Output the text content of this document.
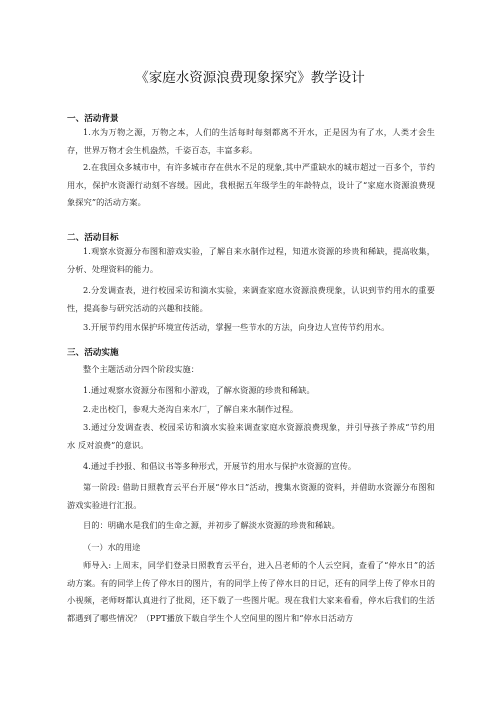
《家庭水资源浪费现象探究》教学设计
一、活动背景
1.水为万物之源，万物之本，人们的生活每时每刻都离不开水，正是因为有了水，人类才会生存，世界万物才会生机盎然，千姿百态，丰富多彩。
2.在我国众多城市中，有许多城市存在供水不足的现象,其中严重缺水的城市超过一百多个，节约用水，保护水资源行动刻不容缓。因此，我根据五年级学生的年龄特点，设计了“家庭水资源浪费现象探究”的活动方案。
二、活动目标
1.观察水资源分布图和游戏实验，了解自来水制作过程，知道水资源的珍贵和稀缺，提高收集，分析、处理资料的能力。
2.分发调查表，进行校园采访和滴水实验，来调查家庭水资源浪费现象，认识到节约用水的重要性，提高参与研究活动的兴趣和技能。
3.开展节约用水保护环境宣传活动，掌握一些节水的方法，向身边人宣传节约用水。
三、活动实施
整个主题活动分四个阶段实施：
1.通过观察水资源分布图和小游戏，了解水资源的珍贵和稀缺。
2.走出校门，参观大尧沟自来水厂，了解自来水制作过程。
3.通过分发调查表、校园采访和滴水实验来调查家庭水资源浪费现象，并引导孩子养成“节约用水 反对浪费”的意识。
4.通过手抄报、和倡议书等多种形式，开展节约用水与保护水资源的宣传。
第一阶段: 借助日照教育云平台开展“停水日”活动，搜集水资源的资料，并借助水资源分布图和游戏实验进行汇报。
目的：明确水是我们的生命之源，并初步了解淡水资源的珍贵和稀缺。
（一）水的用途
师导入: 上周末，同学们登录日照教育云平台，进入吕老师的个人云空间，查看了“停水日”的活动方案。有的同学上传了停水日的图片，有的同学上传了停水日的日记，还有的同学上传了停水日的小视频，老师呀都认真进行了批阅，还下载了一些图片呢。现在我们大家来看看，停水后我们的生活都遇到了哪些情况？（PPT播放下载自学生个人空间里的图片和“停水日活动方
